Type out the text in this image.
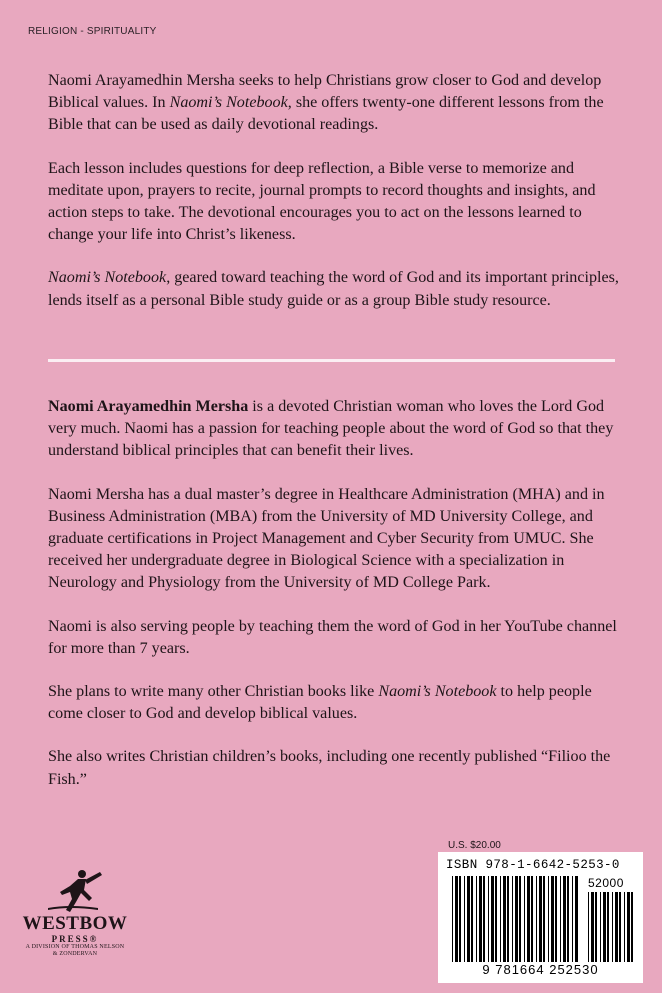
RELIGION - SPIRITUALITY

Naomi Arayamedhin Mersha seeks to help Christians grow closer to God and develop Biblical values. In Naomi’s Notebook, she offers twenty-one different lessons from the Bible that can be used as daily devotional readings.

Each lesson includes questions for deep reflection, a Bible verse to memorize and meditate upon, prayers to recite, journal prompts to record thoughts and insights, and action steps to take. The devotional encourages you to act on the lessons learned to change your life into Christ’s likeness.

Naomi’s Notebook, geared toward teaching the word of God and its important principles, lends itself as a personal Bible study guide or as a group Bible study resource.

Naomi Arayamedhin Mersha is a devoted Christian woman who loves the Lord God very much. Naomi has a passion for teaching people about the word of God so that they understand biblical principles that can benefit their lives.

Naomi Mersha has a dual master’s degree in Healthcare Administration (MHA) and in Business Administration (MBA) from the University of MD University College, and graduate certifications in Project Management and Cyber Security from UMUC. She received her undergraduate degree in Biological Science with a specialization in Neurology and Physiology from the University of MD College Park.

Naomi is also serving people by teaching them the word of God in her YouTube channel for more than 7 years.

She plans to write many other Christian books like Naomi’s Notebook to help people come closer to God and develop biblical values.

She also writes Christian children’s books, including one recently published “Filioo the Fish.”

WESTBOW
PRESS®
A DIVISION OF THOMAS NELSON
& ZONDERVAN
U.S. $20.00
ISBN 978-1-6642-5253-0
52000
9 781664 252530
